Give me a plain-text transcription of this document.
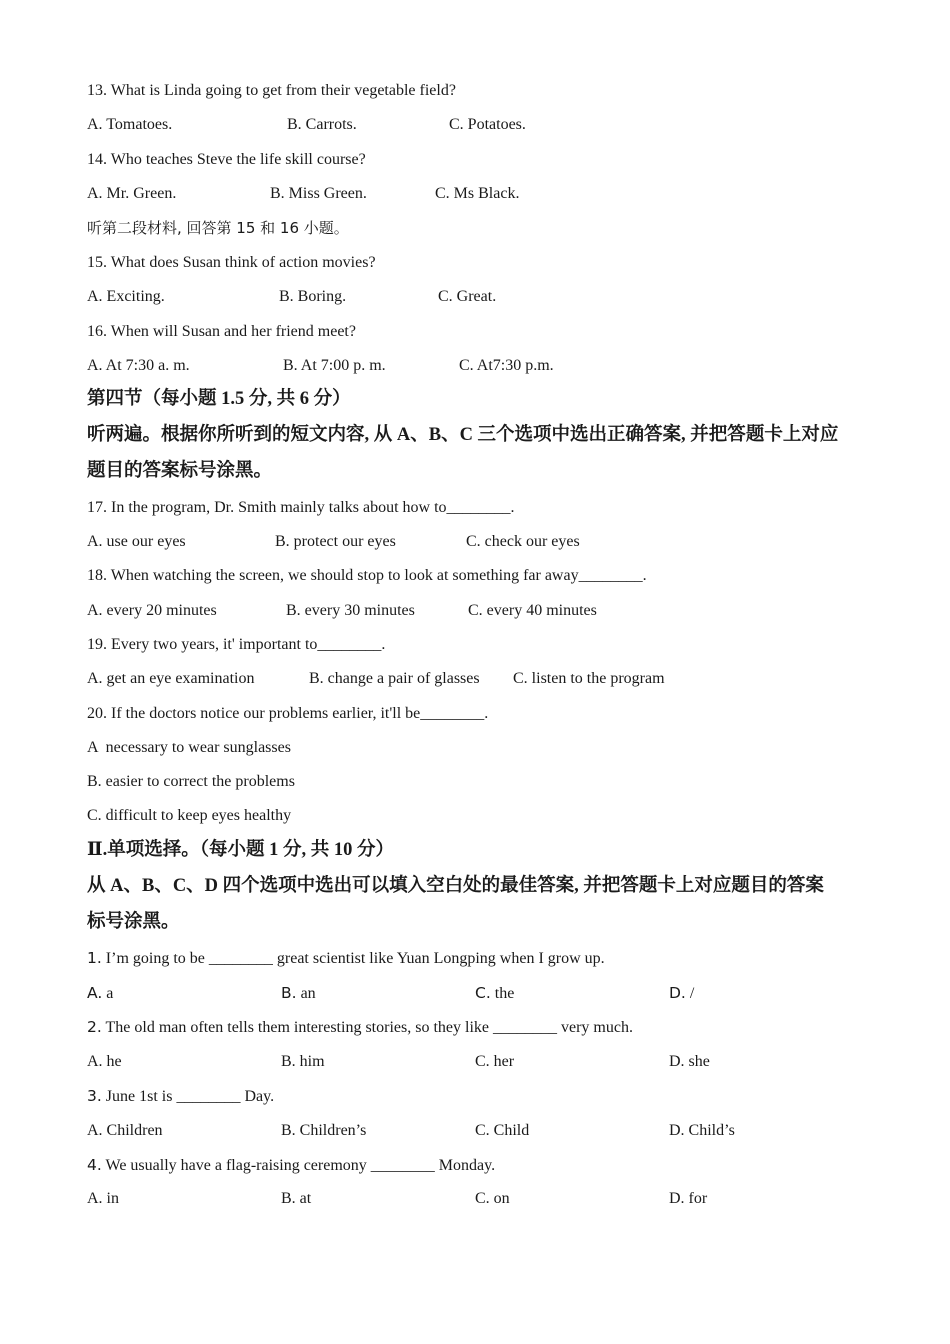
13. What is Linda going to get from their vegetable field?
A. Tomatoes.	B. Carrots.	C. Potatoes.
14. Who teaches Steve the life skill course?
A. Mr. Green.	B. Miss Green.	C. Ms Black.
听第二段材料, 回答第 15 和 16 小题。
15. What does Susan think of action movies?
A. Exciting.	B. Boring.	C. Great.
16. When will Susan and her friend meet?
A. At 7:30 a. m.	B. At 7:00 p. m.	C. At7:30 p.m.
第四节（每小题 1.5 分, 共 6 分）
听两遍。根据你所听到的短文内容, 从 A、B、C 三个选项中选出正确答案, 并把答题卡上对应
题目的答案标号涂黑。
17. In the program, Dr. Smith mainly talks about how to________.
A. use our eyes	B. protect our eyes	C. check our eyes
18. When watching the screen, we should stop to look at something far away________.
A. every 20 minutes	B. every 30 minutes	C. every 40 minutes
19. Every two years, it' important to________.
A. get an eye examination	B. change a pair of glasses C. listen to the program
20. If the doctors notice our problems earlier, it'll be________.
A  necessary to wear sunglasses
B. easier to correct the problems
C. difficult to keep eyes healthy
Ⅱ.单项选择。（每小题 1 分, 共 10 分）
从 A、B、C、D 四个选项中选出可以填入空白处的最佳答案, 并把答题卡上对应题目的答案
标号涂黑。
1. I’m going to be ________ great scientist like Yuan Longping when I grow up.
A. a	B. an	C. the	D. /
2. The old man often tells them interesting stories, so they like ________ very much.
A. he	B. him	C. her	D. she
3. June 1st is ________ Day.
A. Children	B. Children’s	C. Child	D. Child’s
4. We usually have a flag-raising ceremony ________ Monday.
A. in	B. at	C. on	D. for
